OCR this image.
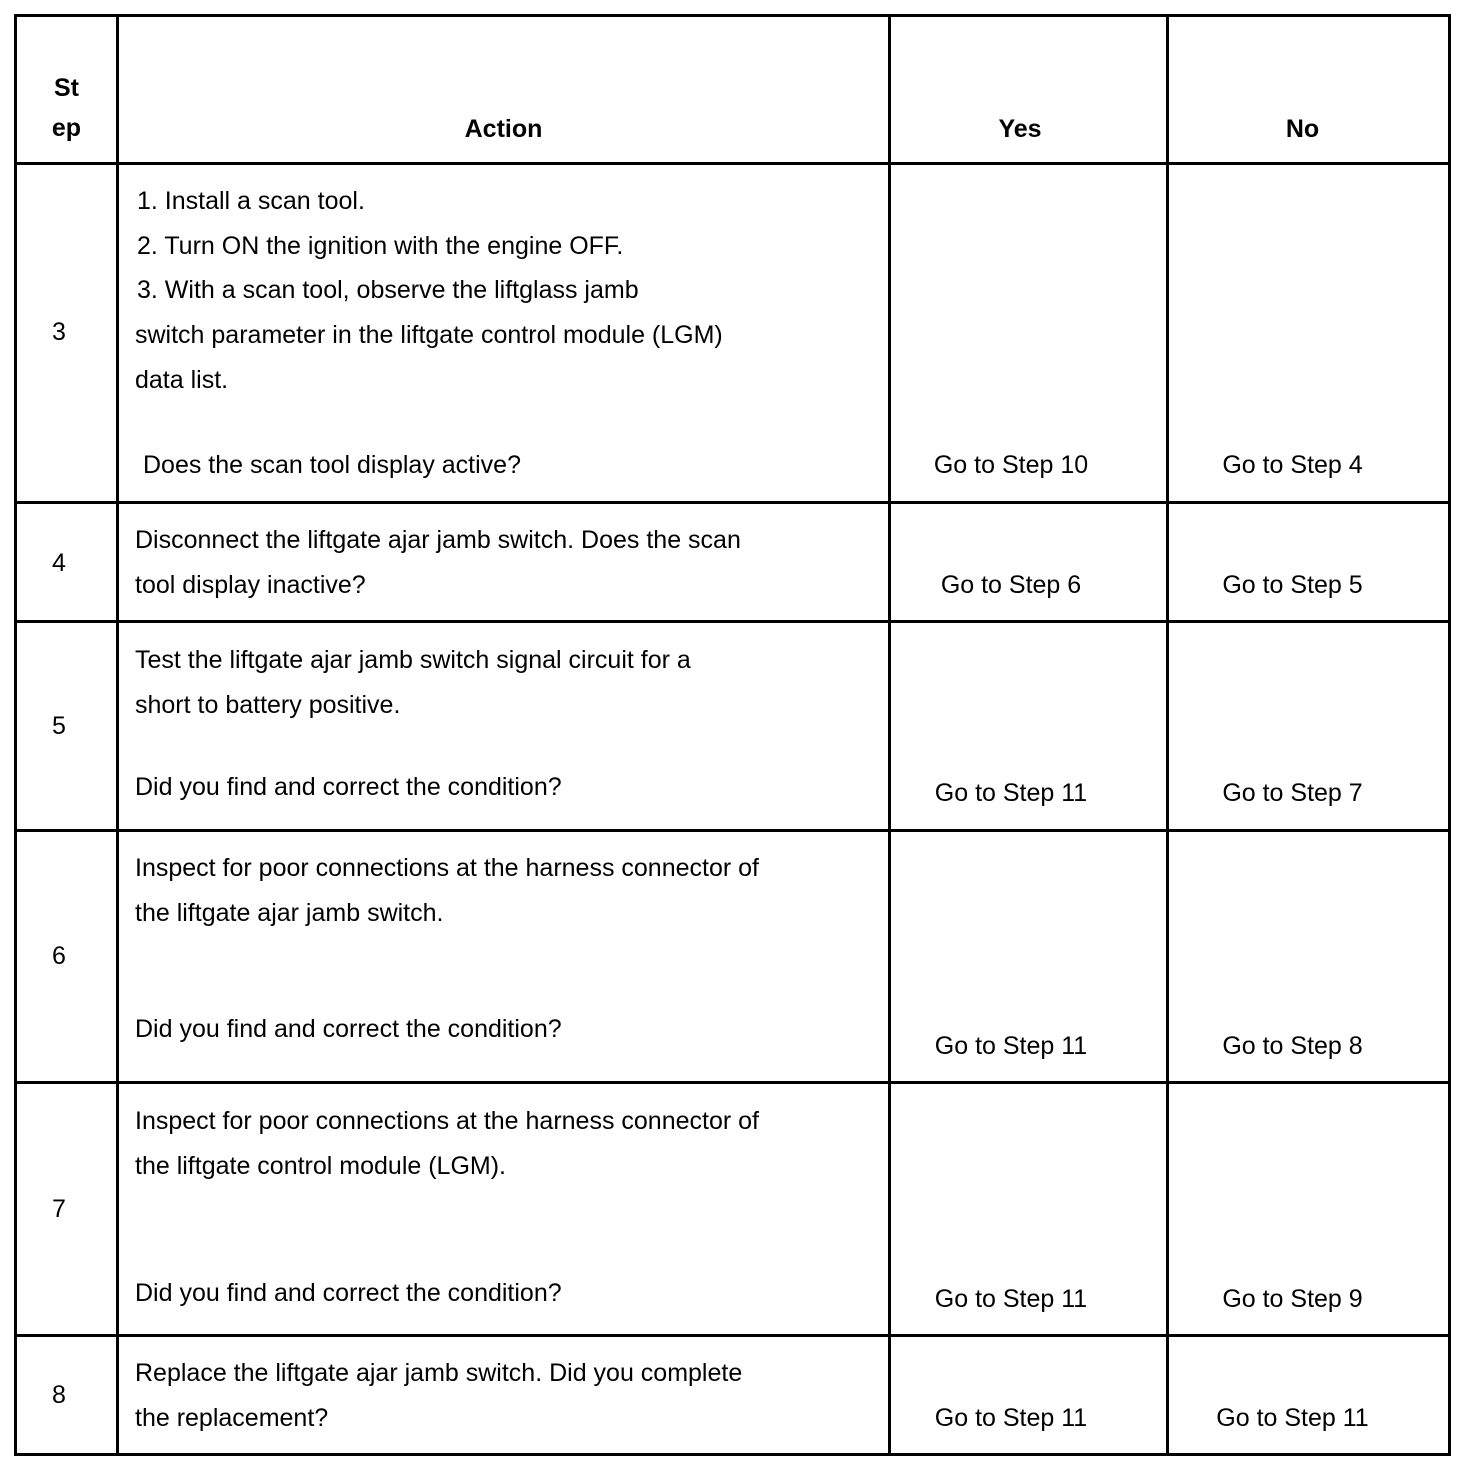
St
ep	Action	Yes	No
3
1. Install a scan tool.
2. Turn ON the ignition with the engine OFF.
3. With a scan tool, observe the liftglass jamb
switch parameter in the liftgate control module (LGM)
data list.
Does the scan tool display active?	Go to Step 10	Go to Step 4
4
Disconnect the liftgate ajar jamb switch. Does the scan
tool display inactive?	Go to Step 6	Go to Step 5
5
Test the liftgate ajar jamb switch signal circuit for a
short to battery positive.
Did you find and correct the condition?	Go to Step 11	Go to Step 7
6
Inspect for poor connections at the harness connector of
the liftgate ajar jamb switch.
Did you find and correct the condition?
Go to Step 11	Go to Step 8
7
Inspect for poor connections at the harness connector of
the liftgate control module (LGM).
Did you find and correct the condition?	Go to Step 11	Go to Step 9
8
Replace the liftgate ajar jamb switch. Did you complete
the replacement?	Go to Step 11	Go to Step 11
